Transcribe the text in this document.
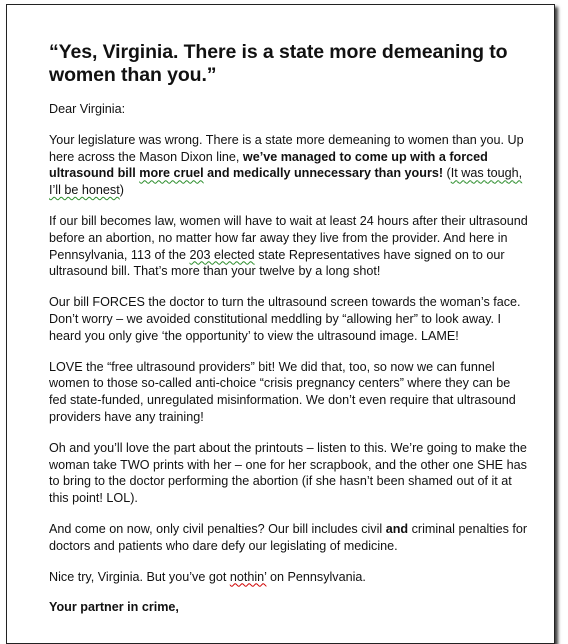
“Yes, Virginia. There is a state more demeaning to women than you.”

Dear Virginia:

Your legislature was wrong. There is a state more demeaning to women than you. Up here across the Mason Dixon line, we’ve managed to come up with a forced ultrasound bill more cruel and medically unnecessary than yours! (It was tough, I’ll be honest)

If our bill becomes law, women will have to wait at least 24 hours after their ultrasound before an abortion, no matter how far away they live from the provider. And here in Pennsylvania, 113 of the 203 elected state Representatives have signed on to our ultrasound bill. That’s more than your twelve by a long shot!

Our bill FORCES the doctor to turn the ultrasound screen towards the woman’s face. Don’t worry – we avoided constitutional meddling by “allowing her” to look away. I heard you only give ‘the opportunity’ to view the ultrasound image. LAME!

LOVE the “free ultrasound providers” bit! We did that, too, so now we can funnel women to those so-called anti-choice “crisis pregnancy centers” where they can be fed state-funded, unregulated misinformation. We don’t even require that ultrasound providers have any training!

Oh and you’ll love the part about the printouts – listen to this. We’re going to make the woman take TWO prints with her – one for her scrapbook, and the other one SHE has to bring to the doctor performing the abortion (if she hasn’t been shamed out of it at this point! LOL).

And come on now, only civil penalties? Our bill includes civil and criminal penalties for doctors and patients who dare defy our legislating of medicine.

Nice try, Virginia. But you’ve got nothin’ on Pennsylvania.

Your partner in crime,
